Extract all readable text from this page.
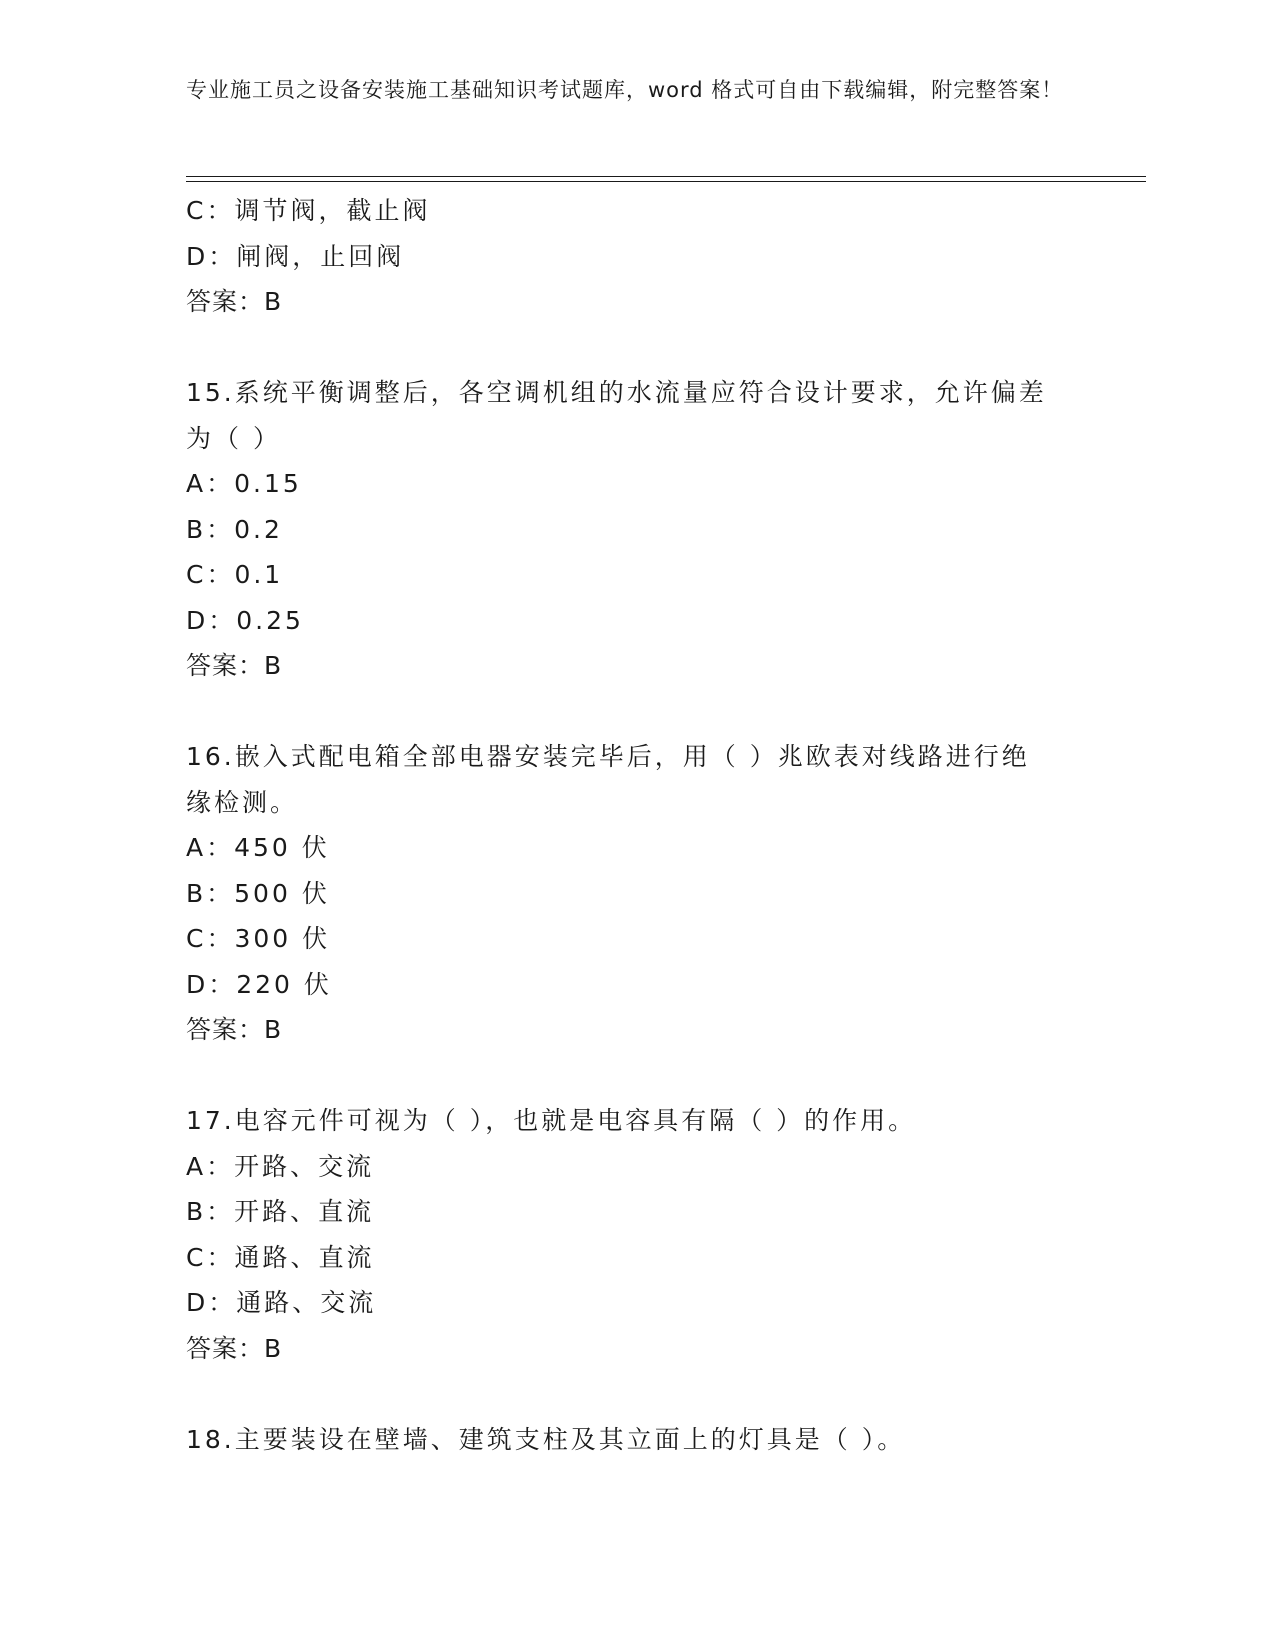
专业施工员之设备安装施工基础知识考试题库，word 格式可自由下载编辑，附完整答案！
C：调节阀，截止阀
D：闸阀，止回阀
答案：B
15.系统平衡调整后，各空调机组的水流量应符合设计要求，允许偏差
为（ ）
A：0.15
B：0.2
C：0.1
D：0.25
答案：B
16.嵌入式配电箱全部电器安装完毕后，用（ ）兆欧表对线路进行绝
缘检测。
A：450 伏
B：500 伏
C：300 伏
D：220 伏
答案：B
17.电容元件可视为（ ），也就是电容具有隔（ ）的作用。
A：开路、交流
B：开路、直流
C：通路、直流
D：通路、交流
答案：B
18.主要装设在壁墙、建筑支柱及其立面上的灯具是（ ）。
